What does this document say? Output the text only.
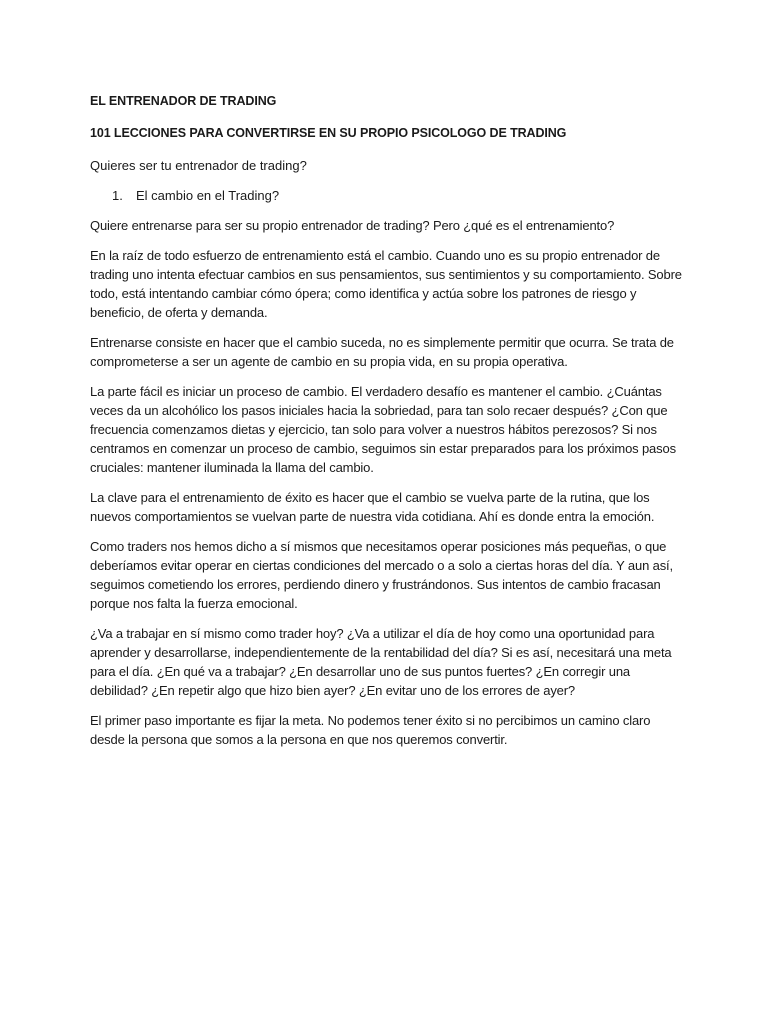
EL ENTRENADOR DE TRADING
101 LECCIONES PARA CONVERTIRSE EN SU PROPIO PSICOLOGO DE TRADING
Quieres ser tu entrenador de trading?
1. El cambio en el Trading?

Quiere entrenarse para ser su propio entrenador de trading? Pero ¿qué es el entrenamiento?

En la raíz de todo esfuerzo de entrenamiento está el cambio. Cuando uno es su propio entrenador de trading uno intenta efectuar cambios en sus pensamientos, sus sentimientos y su comportamiento. Sobre todo, está intentando cambiar cómo ópera; como identifica y actúa sobre los patrones de riesgo y beneficio, de oferta y demanda.

Entrenarse consiste en hacer que el cambio suceda, no es simplemente permitir que ocurra. Se trata de comprometerse a ser un agente de cambio en su propia vida, en su propia operativa.

La parte fácil es iniciar un proceso de cambio. El verdadero desafío es mantener el cambio. ¿Cuántas veces da un alcohólico los pasos iniciales hacia la sobriedad, para tan solo recaer después? ¿Con que frecuencia comenzamos dietas y ejercicio, tan solo para volver a nuestros hábitos perezosos? Si nos centramos en comenzar un proceso de cambio, seguimos sin estar preparados para los próximos pasos cruciales: mantener iluminada la llama del cambio.

La clave para el entrenamiento de éxito es hacer que el cambio se vuelva parte de la rutina, que los nuevos comportamientos se vuelvan parte de nuestra vida cotidiana. Ahí es donde entra la emoción.

Como traders nos hemos dicho a sí mismos que necesitamos operar posiciones más pequeñas, o que deberíamos evitar operar en ciertas condiciones del mercado o a solo a ciertas horas del día. Y aun así, seguimos cometiendo los errores, perdiendo dinero y frustrándonos. Sus intentos de cambio fracasan porque nos falta la fuerza emocional.

¿Va a trabajar en sí mismo como trader hoy? ¿Va a utilizar el día de hoy como una oportunidad para aprender y desarrollarse, independientemente de la rentabilidad del día? Si es así, necesitará una meta para el día. ¿En qué va a trabajar? ¿En desarrollar uno de sus puntos fuertes? ¿En corregir una debilidad? ¿En repetir algo que hizo bien ayer? ¿En evitar uno de los errores de ayer?

El primer paso importante es fijar la meta. No podemos tener éxito si no percibimos un camino claro desde la persona que somos a la persona en que nos queremos convertir.
